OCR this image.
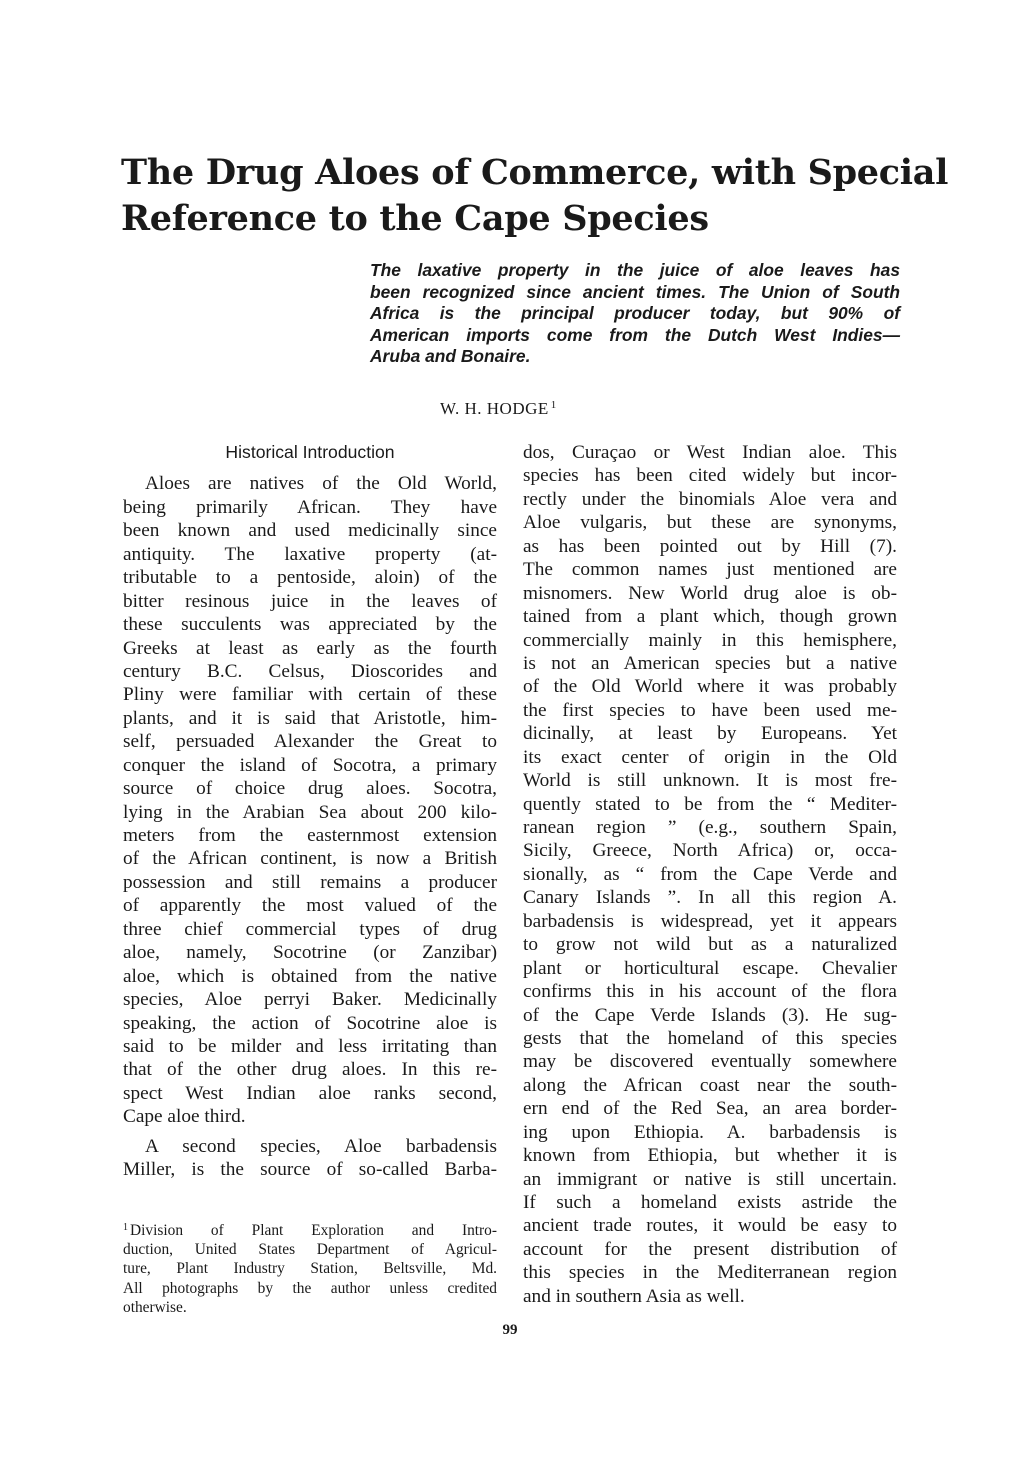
The Drug Aloes of Commerce, with Special
Reference to the Cape Species
The laxative property in the juice of aloe leaves has
been recognized since ancient times. The Union of South
Africa is the principal producer today, but 90% of
American imports come from the Dutch West Indies—
Aruba and Bonaire.
W. H. HODGE $^1$
Historical Introduction
Aloes are natives of the Old World,
being primarily African. They have
been known and used medicinally since
antiquity. The laxative property (at-
tributable to a pentoside, aloin) of the
bitter resinous juice in the leaves of
these succulents was appreciated by the
Greeks at least as early as the fourth
century B.C. Celsus, Dioscorides and
Pliny were familiar with certain of these
plants, and it is said that Aristotle, him-
self, persuaded Alexander the Great to
conquer the island of Socotra, a primary
source of choice drug aloes. Socotra,
lying in the Arabian Sea about 200 kilo-
meters from the easternmost extension
of the African continent, is now a British
possession and still remains a producer
of apparently the most valued of the
three chief commercial types of drug
aloe, namely, Socotrine (or Zanzibar)
aloe, which is obtained from the native
species, Aloe perryi Baker. Medicinally
speaking, the action of Socotrine aloe is
said to be milder and less irritating than
that of the other drug aloes. In this re-
spect West Indian aloe ranks second,
Cape aloe third.
A second species, Aloe barbadensis
Miller, is the source of so-called Barba-
$^1$ Division of Plant Exploration and Intro-
duction, United States Department of Agricul-
ture, Plant Industry Station, Beltsville, Md.
All photographs by the author unless credited
otherwise.
dos, Curaçao or West Indian aloe. This
species has been cited widely but incor-
rectly under the binomials Aloe vera and
Aloe vulgaris, but these are synonyms,
as has been pointed out by Hill (7).
The common names just mentioned are
misnomers. New World drug aloe is ob-
tained from a plant which, though grown
commercially mainly in this hemisphere,
is not an American species but a native
of the Old World where it was probably
the first species to have been used me-
dicinally, at least by Europeans. Yet
its exact center of origin in the Old
World is still unknown. It is most fre-
quently stated to be from the “ Mediter-
ranean region ” (e.g., southern Spain,
Sicily, Greece, North Africa) or, occa-
sionally, as “ from the Cape Verde and
Canary Islands ”. In all this region A.
barbadensis is widespread, yet it appears
to grow not wild but as a naturalized
plant or horticultural escape. Chevalier
confirms this in his account of the flora
of the Cape Verde Islands (3). He sug-
gests that the homeland of this species
may be discovered eventually somewhere
along the African coast near the south-
ern end of the Red Sea, an area border-
ing upon Ethiopia. A. barbadensis is
known from Ethiopia, but whether it is
an immigrant or native is still uncertain.
If such a homeland exists astride the
ancient trade routes, it would be easy to
account for the present distribution of
this species in the Mediterranean region
and in southern Asia as well.
99
